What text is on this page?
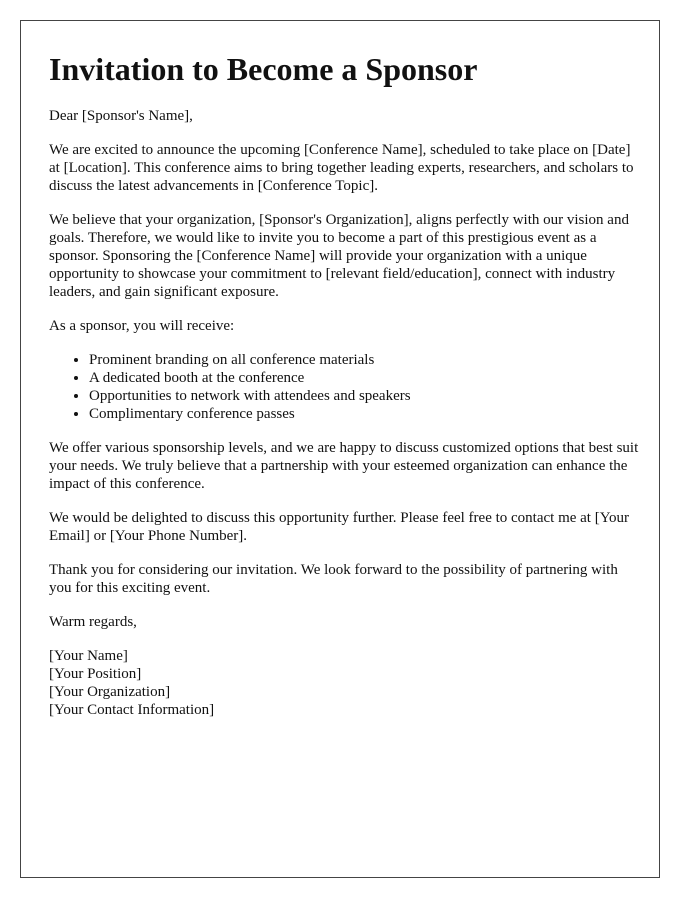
Invitation to Become a Sponsor

Dear [Sponsor's Name],

We are excited to announce the upcoming [Conference Name], scheduled to take place on [Date] at [Location]. This conference aims to bring together leading experts, researchers, and scholars to discuss the latest advancements in [Conference Topic].

We believe that your organization, [Sponsor's Organization], aligns perfectly with our vision and goals. Therefore, we would like to invite you to become a part of this prestigious event as a sponsor. Sponsoring the [Conference Name] will provide your organization with a unique opportunity to showcase your commitment to [relevant field/education], connect with industry leaders, and gain significant exposure.

As a sponsor, you will receive:

• Prominent branding on all conference materials
• A dedicated booth at the conference
• Opportunities to network with attendees and speakers
• Complimentary conference passes

We offer various sponsorship levels, and we are happy to discuss customized options that best suit your needs. We truly believe that a partnership with your esteemed organization can enhance the impact of this conference.

We would be delighted to discuss this opportunity further. Please feel free to contact me at [Your Email] or [Your Phone Number].

Thank you for considering our invitation. We look forward to the possibility of partnering with you for this exciting event.

Warm regards,

[Your Name]
[Your Position]
[Your Organization]
[Your Contact Information]
